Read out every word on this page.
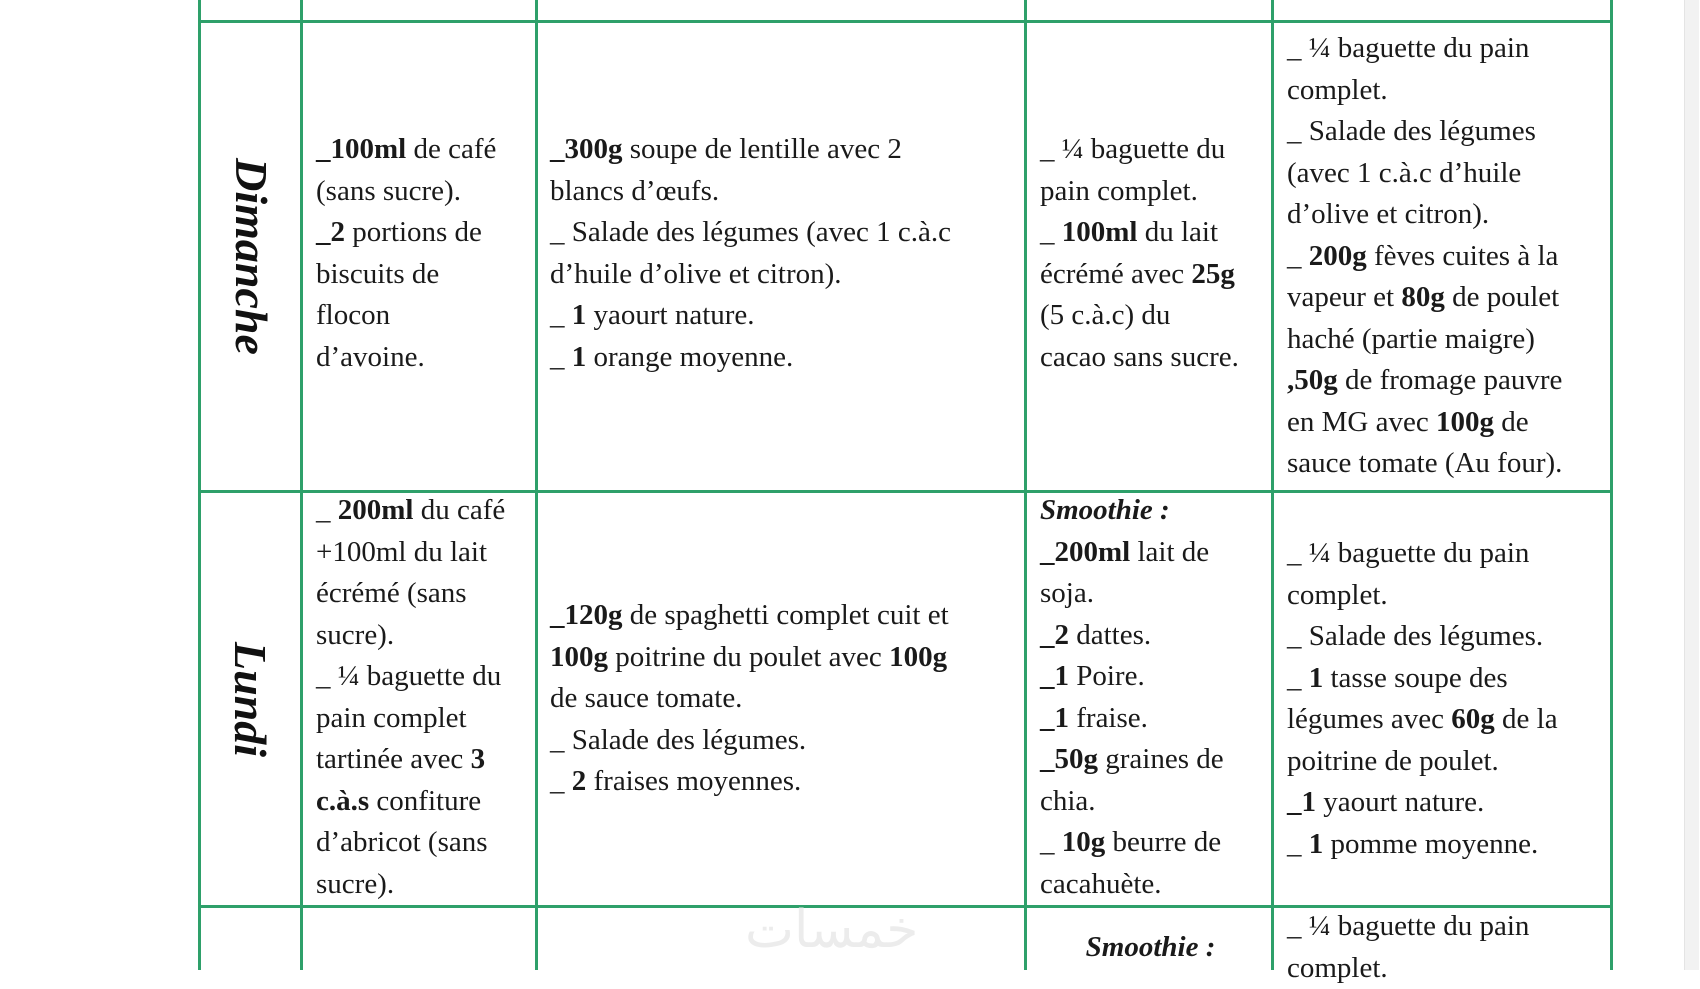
Dimanche
_100ml de café
(sans sucre).
_2 portions de
biscuits de
flocon
d’avoine.
_300g soupe de lentille avec 2
blancs d’œufs.
_ Salade des légumes (avec 1 c.à.c
d’huile d’olive et citron).
_ 1 yaourt nature.
_ 1 orange moyenne.
_ ¼ baguette du
pain complet.
_ 100ml du lait
écrémé avec 25g
(5 c.à.c) du
cacao sans sucre.
_ ¼ baguette du pain
complet.
_ Salade des légumes
(avec 1 c.à.c d’huile
d’olive et citron).
_ 200g fèves cuites à la
vapeur et 80g de poulet
haché (partie maigre)
,50g de fromage pauvre
en MG avec 100g de
sauce tomate (Au four).
Lundi
_ 200ml du café
+100ml du lait
écrémé (sans
sucre).
_ ¼ baguette du
pain complet
tartinée avec 3
c.à.s confiture
d’abricot (sans
sucre).
_120g de spaghetti complet cuit et
100g poitrine du poulet avec 100g
de sauce tomate.
_ Salade des légumes.
_ 2 fraises moyennes.
Smoothie :
_200ml lait de
soja.
_2 dattes.
_1 Poire.
_1 fraise.
_50g graines de
chia.
_ 10g beurre de
cacahuète.
_ ¼ baguette du pain
complet.
_ Salade des légumes.
_ 1 tasse soupe des
légumes avec 60g de la
poitrine de poulet.
_1 yaourt nature.
_ 1 pomme moyenne.
Smoothie :
_ ¼ baguette du pain
complet.
خمسات
